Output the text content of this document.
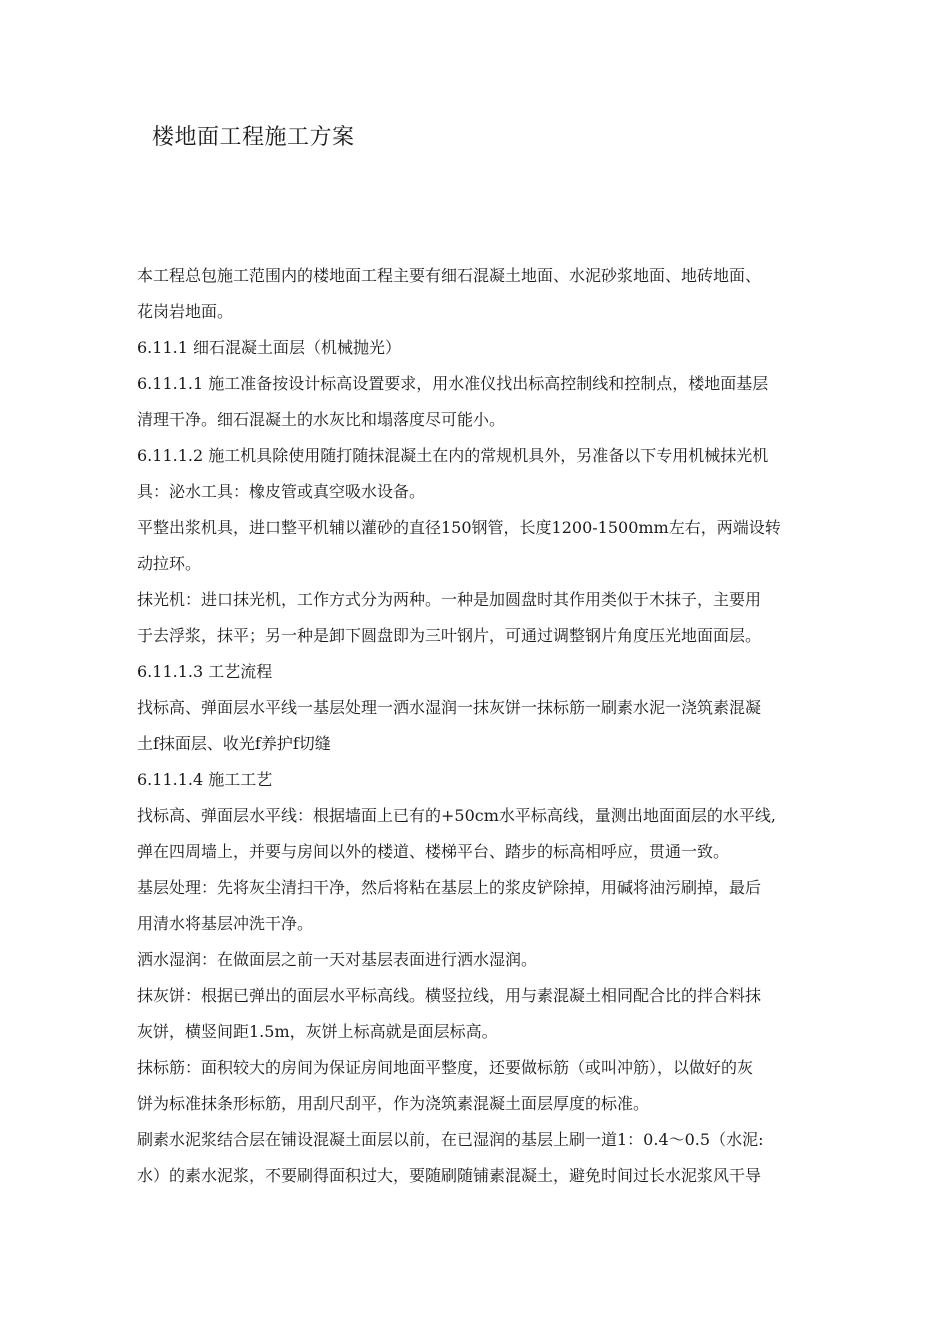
楼地面工程施工方案
本工程总包施工范围内的楼地面工程主要有细石混凝土地面、水泥砂浆地面、地砖地面、
花岗岩地面。
6.11.1 细石混凝土面层（机械抛光）
6.11.1.1 施工准备按设计标高设置要求，用水准仪找出标高控制线和控制点，楼地面基层
清理干净。细石混凝土的水灰比和塌落度尽可能小。
6.11.1.2 施工机具除使用随打随抹混凝土在内的常规机具外，另准备以下专用机械抹光机
具：泌水工具：橡皮管或真空吸水设备。
平整出浆机具，进口整平机辅以灌砂的直径150钢管，长度1200-1500mm左右，两端设转
动拉环。
抹光机：进口抹光机，工作方式分为两种。一种是加圆盘时其作用类似于木抹子，主要用
于去浮浆，抹平；另一种是卸下圆盘即为三叶钢片，可通过调整钢片角度压光地面面层。
6.11.1.3 工艺流程
找标高、弹面层水平线一基层处理一洒水湿润一抹灰饼一抹标筋一刷素水泥一浇筑素混凝
土f抹面层、收光f养护f切缝
6.11.1.4 施工工艺
找标高、弹面层水平线：根据墙面上已有的+50cm水平标高线，量测出地面面层的水平线,
弹在四周墙上，并要与房间以外的楼道、楼梯平台、踏步的标高相呼应，贯通一致。
基层处理：先将灰尘清扫干净，然后将粘在基层上的浆皮铲除掉，用碱将油污刷掉，最后
用清水将基层冲洗干净。
洒水湿润：在做面层之前一天对基层表面进行洒水湿润。
抹灰饼：根据已弹出的面层水平标高线。横竖拉线，用与素混凝土相同配合比的拌合料抹
灰饼，横竖间距1.5m，灰饼上标高就是面层标高。
抹标筋：面积较大的房间为保证房间地面平整度，还要做标筋（或叫冲筋），以做好的灰
饼为标准抹条形标筋，用刮尺刮平，作为浇筑素混凝土面层厚度的标准。
刷素水泥浆结合层在铺设混凝土面层以前，在已湿润的基层上刷一道1：0.4〜0.5（水泥:
水）的素水泥浆，不要刷得面积过大，要随刷随铺素混凝土，避免时间过长水泥浆风干导
